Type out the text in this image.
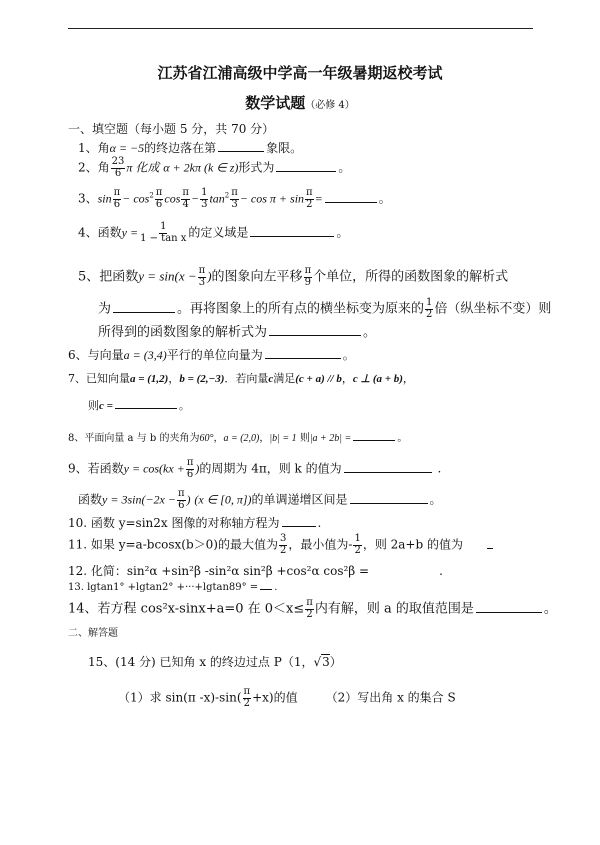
江苏省江浦高级中学高一年级暑期返校考试
数学试题（必修 4）
一、填空题（每小题 5 分，共 70 分）
1、角α = −5的终边落在第	象限。
2、角 $\frac{23}{6}$ π 化成 α + 2kπ (k ∈ z)形式为	。
3、$\sin \frac{\pi}{6} - \cos^2 \frac{\pi}{6}$ $\cos \frac{\pi}{4} - \frac{1}{3} \tan^2 \frac{\pi}{3} - \cos \pi + \sin \frac{\pi}{2}$ =	。
4、函数$y = \frac{1}{\text{1 − tan x}}$ 的定义域是	。
5、把函数$y = \sin(x - \frac{\pi}{3}$ )的图象向左平移 $\frac{\pi}{9}$ 个单位，所得的函数图象的解析式
为	。再将图象上的所有点的横坐标变为原来的 $\frac{1}{2}$ 倍（纵坐标不变）则
所得到的函数图象的解析式为	。
6、与向量a = (3,4)平行的单位向量为	。
7、已知向量a = (1,2)，b = (2,−3)．若向量c满足(c + a) // b，c ⊥ (a + b)，
则c =	。
8、平面向量 a 与 b 的夹角为60°，a = (2,0)，|b| = 1 则|a + 2b| =	。
9、若函数$y = \cos(kx + \frac{\pi}{6}$ )的周期为 4π，则 k 的值为	.
函数$y = 3\sin(-2x - \frac{\pi}{6}$ ) (x ∈ [0, π])的单调递增区间是	。
10. 函数 y=sin2x 图像的对称轴方程为	.
11. 如果 y=a-bcosx(b＞0)的最大值为 $\frac{3}{2}$ ，最小值为- $\frac{1}{2}$ ，则 2a+b 的值为
12. 化简：sin²α +sin²β -sin²α sin²β +cos²α cos²β =	.
13. lgtan1° +lgtan2° +···+lgtan89° = .
14、若方程 cos²x-sinx+a=0 在 $0<x\le \frac{\pi}{2}$ 内有解，则 a 的取值范围是	。
二、解答题
15、(14 分) 已知角 x 的终边过点 P（1，√3）
（1）求 sin(π $-x)-\sin( \frac{\pi}{2} +x)$的值 （2）写出角 x 的集合 S
